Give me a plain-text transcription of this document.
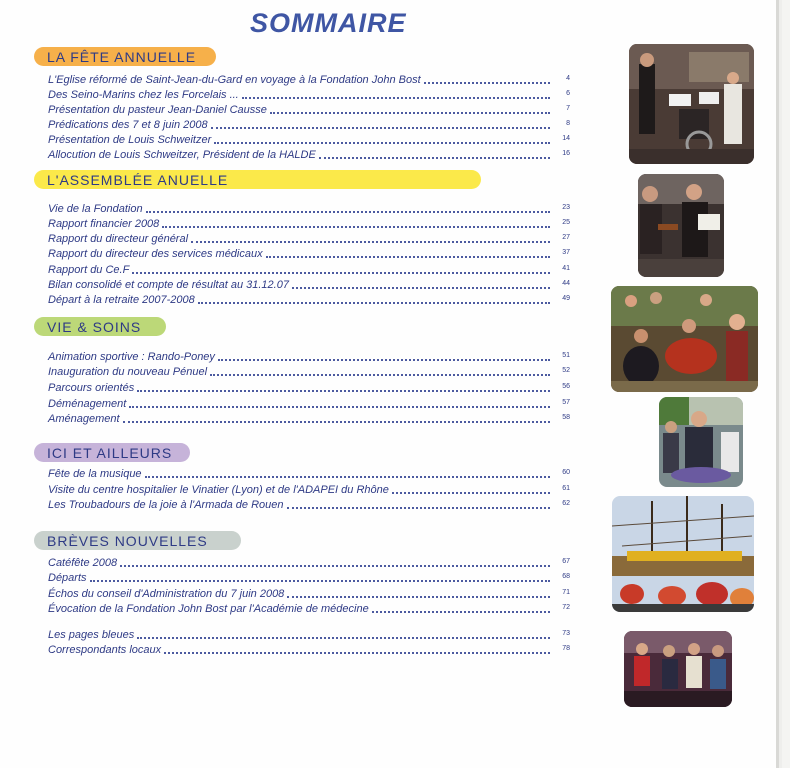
SOMMAIRE
LA FÊTE ANNUELLE
L'ASSEMBLÉE ANUELLE
VIE & SOINS
ICI ET AILLEURS
BRÈVES NOUVELLES
L'Eglise réformé de Saint-Jean-du-Gard en voyage à la Fondation John Bost	4
Des Seino-Marins chez les Forcelais ...	6
Présentation du pasteur Jean-Daniel Causse	7
Prédications des 7 et 8 juin 2008	8
Présentation de Louis Schweitzer	14
Allocution de Louis Schweitzer, Président de la HALDE	16
Vie de la Fondation	23
Rapport financier 2008	25
Rapport du directeur général	27
Rapport du directeur des services médicaux	37
Rapport du Ce.F	41
Bilan consolidé et compte de résultat au 31.12.07	44
Départ à la retraite 2007-2008	49
Animation sportive : Rando-Poney	51
Inauguration du nouveau Pénuel	52
Parcours orientés	56
Déménagement	57
Aménagement	58
Fête de la musique	60
Visite du centre hospitalier le Vinatier (Lyon) et de l'ADAPEI du Rhône	61
Les Troubadours de la joie à l'Armada de Rouen	62
Catéfête 2008	67
Départs	68
Échos du conseil d'Administration du 7 juin 2008	71
Évocation de la Fondation John Bost par l'Académie de médecine	72
Les pages bleues	73
Correspondants locaux	78
